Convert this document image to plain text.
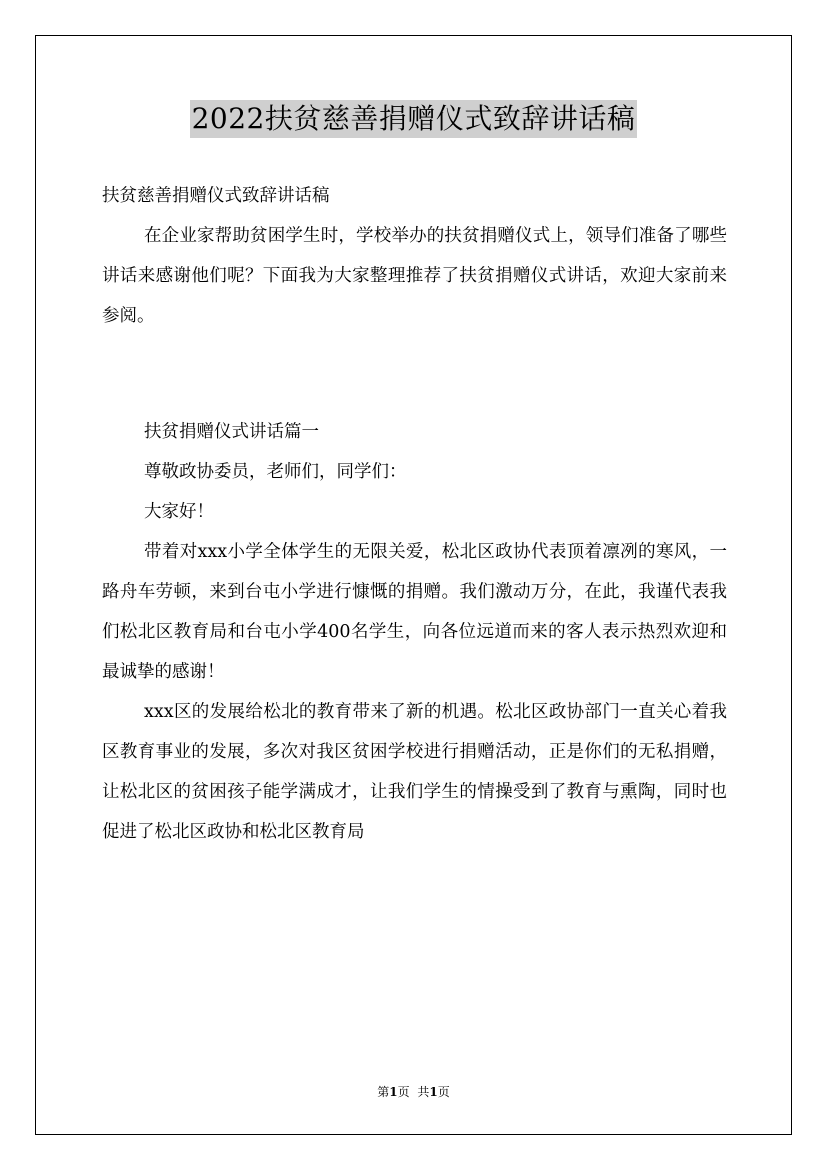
2022扶贫慈善捐赠仪式致辞讲话稿

扶贫慈善捐赠仪式致辞讲话稿

在企业家帮助贫困学生时，学校举办的扶贫捐赠仪式上，领导们准备了哪些讲话来感谢他们呢？下面我为大家整理推荐了扶贫捐赠仪式讲话，欢迎大家前来参阅。

扶贫捐赠仪式讲话篇一

尊敬政协委员，老师们，同学们：

大家好！

带着对xxx小学全体学生的无限关爱，松北区政协代表顶着凛冽的寒风，一路舟车劳顿，来到台屯小学进行慷慨的捐赠。我们激动万分，在此，我谨代表我们松北区教育局和台屯小学400名学生，向各位远道而来的客人表示热烈欢迎和最诚挚的感谢！

xxx区的发展给松北的教育带来了新的机遇。松北区政协部门一直关心着我区教育事业的发展，多次对我区贫困学校进行捐赠活动，正是你们的无私捐赠，让松北区的贫困孩子能学满成才，让我们学生的情操受到了教育与熏陶，同时也促进了松北区政协和松北区教育局

第1页 共1页
